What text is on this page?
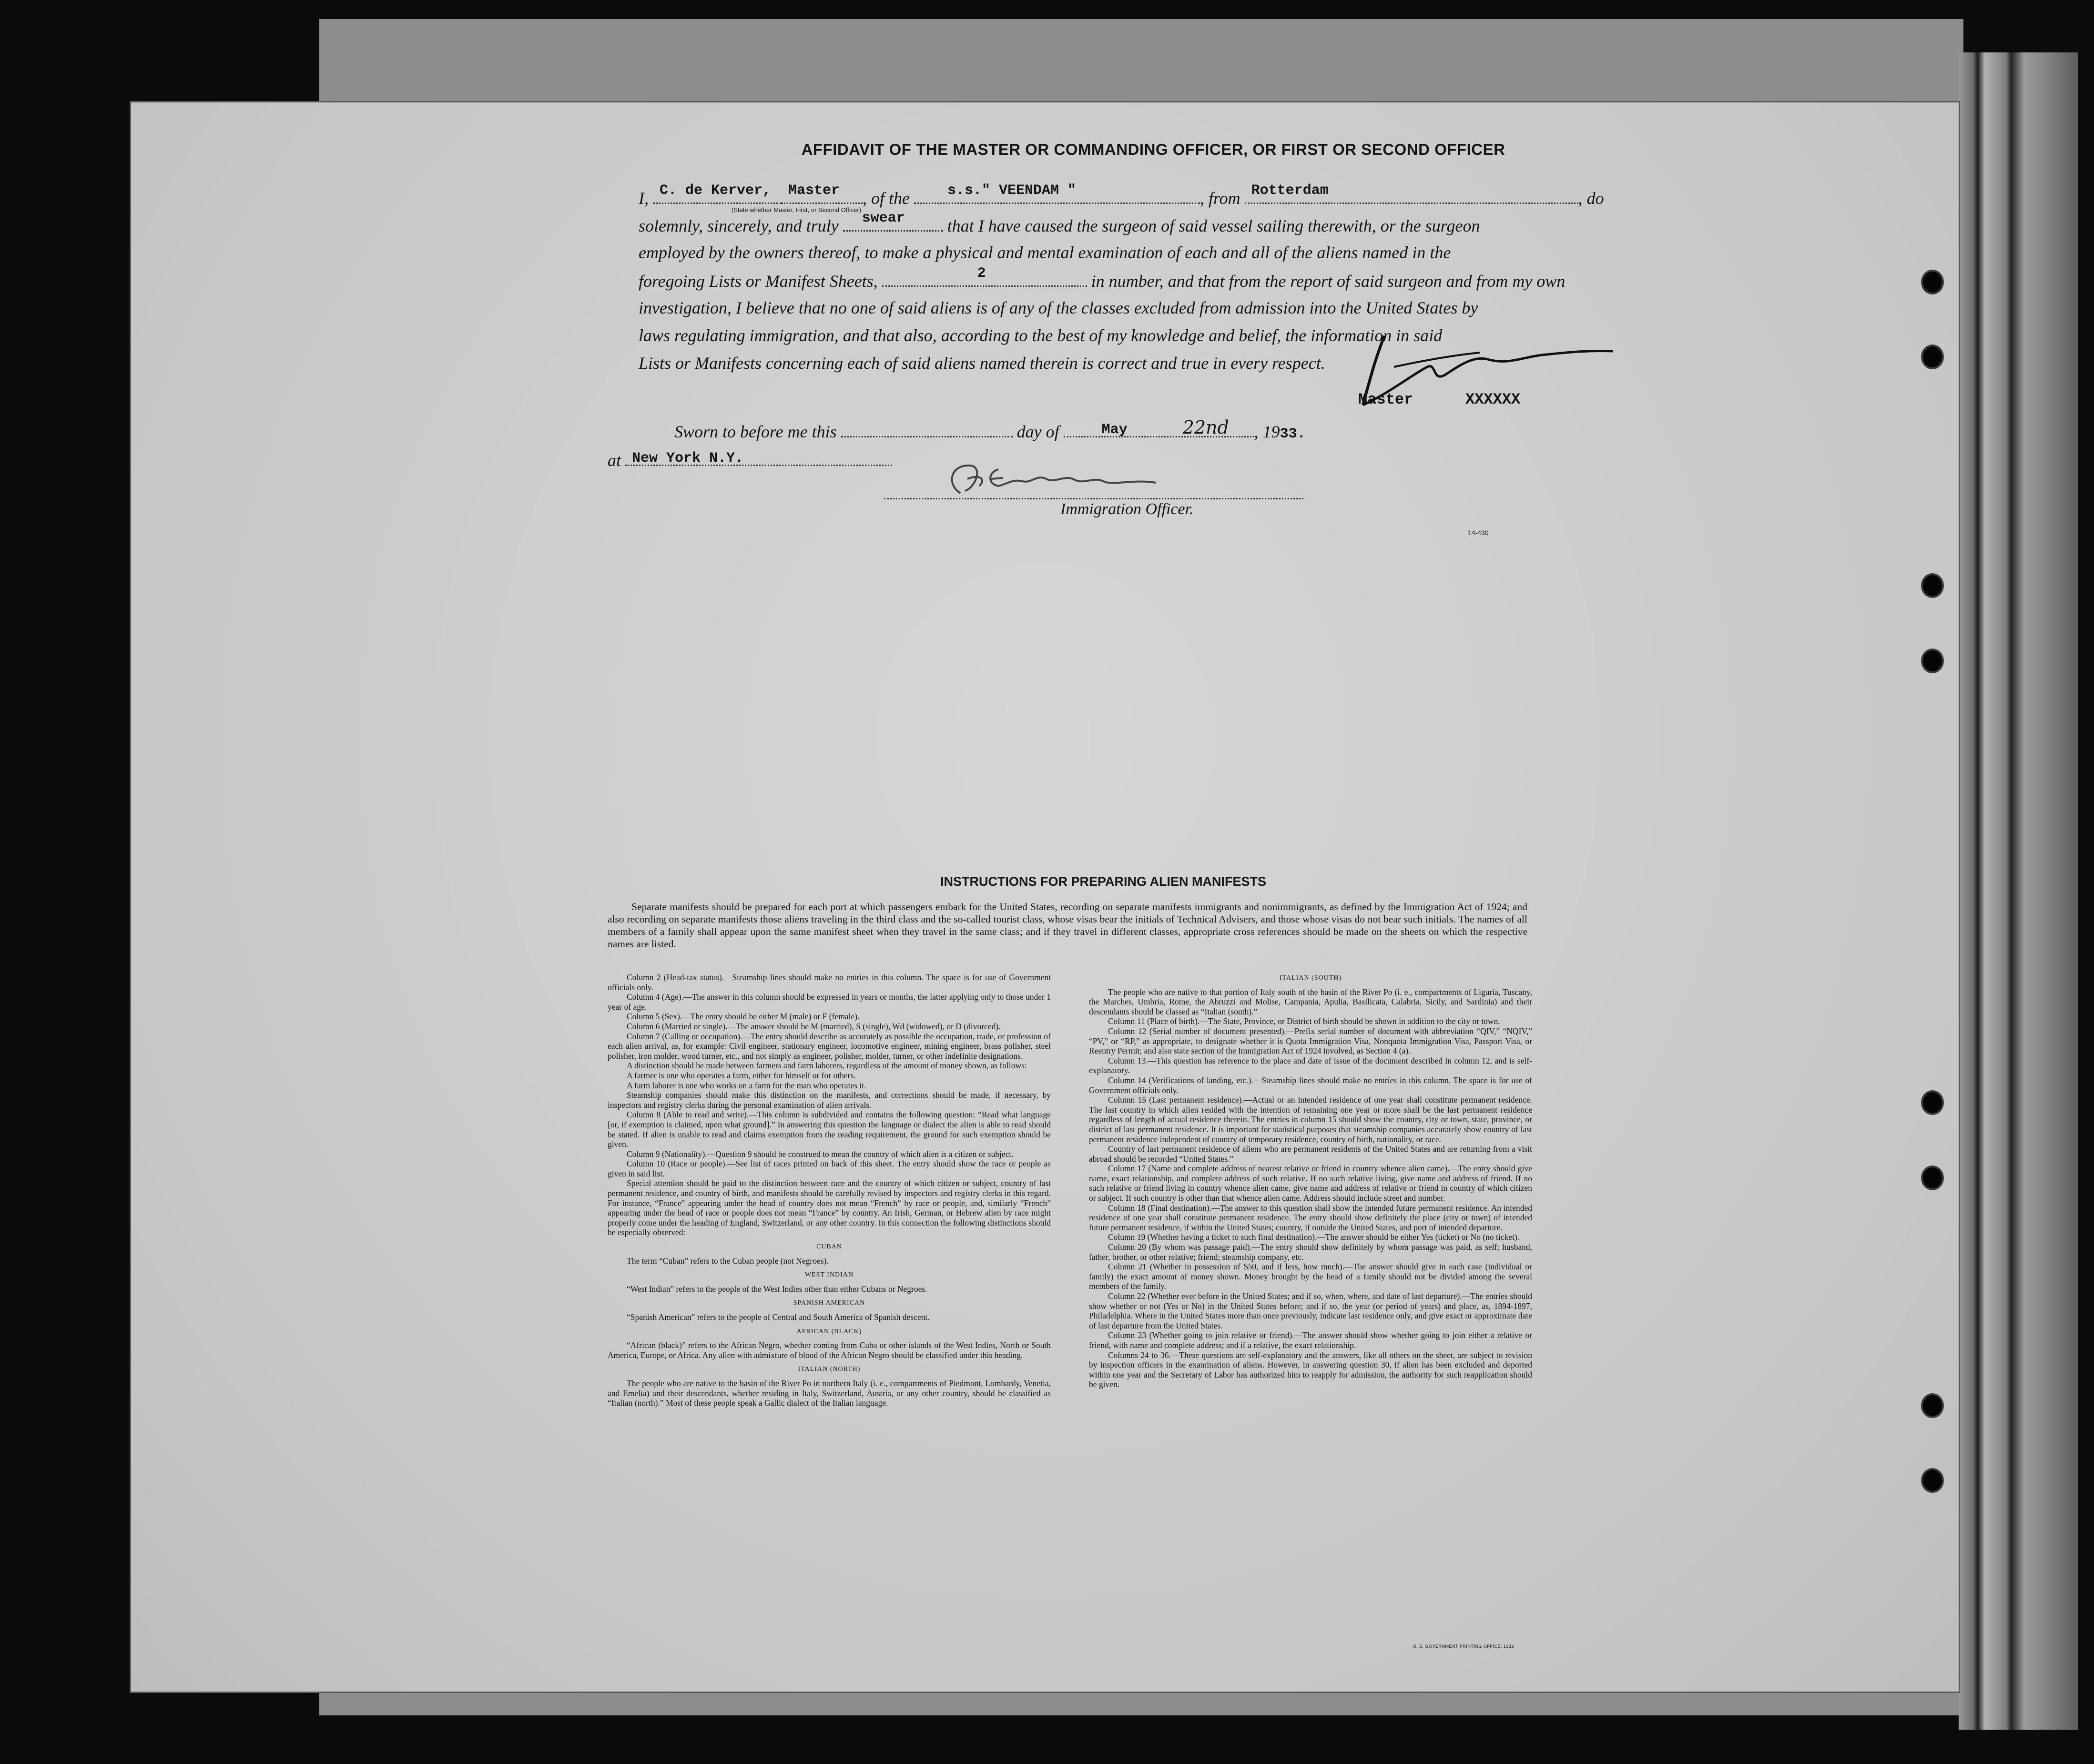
AFFIDAVIT OF THE MASTER OR COMMANDING OFFICER, OR FIRST OR SECOND OFFICER
I, C. de Kerver, Master , of the	s.s." VEENDAM "	, from Rotterdam	, do
solemnly, sincerely, and truly swear that I have caused the surgeon of said vessel sailing therewith, or the surgeon
employed by the owners thereof, to make a physical and mental examination of each and all of the aliens named in the
foregoing Lists or Manifest Sheets,	2	in number, and that from the report of said surgeon and from my own
investigation, I believe that no one of said aliens is of any of the classes excluded from admission into the United States by
laws regulating immigration, and that also, according to the best of my knowledge and belief, the information in said
Lists or Manifests concerning each of said aliens named therein is correct and true in every respect.
(State whether Master, First, or Second Officer)
Master	XXXXXX
Sworn to before me this	day of	May	22nd , 1933.
at New York N.Y.
Immigration Officer.
14-430
INSTRUCTIONS FOR PREPARING ALIEN MANIFESTS
Separate manifests should be prepared for each port at which passengers embark for the United States, recording on separate manifests immigrants and nonimmigrants, as defined by the Immigration Act of 1924; and also recording on separate manifests those aliens traveling in the third class and the so-called tourist class, whose visas bear the initials of Technical Advisers, and those whose visas do not bear such initials. The names of all members of a family shall appear upon the same manifest sheet when they travel in the same class; and if they travel in different classes, appropriate cross references should be made on the sheets on which the respective names are listed.

Column 2 (Head-tax status).—Steamship lines should make no entries in this column. The space is for use of Government officials only.

Column 4 (Age).—The answer in this column should be expressed in years or months, the latter applying only to those under 1 year of age.

Column 5 (Sex).—The entry should be either M (male) or F (female).

Column 6 (Married or single).—The answer should be M (married), S (single), Wd (widowed), or D (divorced).

Column 7 (Calling or occupation).—The entry should describe as accurately as possible the occupation, trade, or profession of each alien arrival, as, for example: Civil engineer, stationary engineer, locomotive engineer, mining engineer, brass polisher, steel polisher, iron molder, wood turner, etc., and not simply as engineer, polisher, molder, turner, or other indefinite designations.

A distinction should be made between farmers and farm laborers, regardless of the amount of money shown, as follows:

A farmer is one who operates a farm, either for himself or for others.

A farm laborer is one who works on a farm for the man who operates it.

Steamship companies should make this distinction on the manifests, and corrections should be made, if necessary, by inspectors and registry clerks during the personal examination of alien arrivals.

Column 8 (Able to read and write).—This column is subdivided and contains the following question: “Read what language [or, if exemption is claimed, upon what ground].” In answering this question the language or dialect the alien is able to read should be stated. If alien is unable to read and claims exemption from the reading requirement, the ground for such exemption should be given.

Column 9 (Nationality).—Question 9 should be construed to mean the country of which alien is a citizen or subject.

Column 10 (Race or people).—See list of races printed on back of this sheet. The entry should show the race or people as given in said list.

Special attention should be paid to the distinction between race and the country of which citizen or subject, country of last permanent residence, and country of birth, and manifests should be carefully revised by inspectors and registry clerks in this regard. For instance, “France” appearing under the head of country does not mean “French” by race or people, and, similarly “French” appearing under the head of race or people does not mean “France” by country. An Irish, German, or Hebrew alien by race might properly come under the heading of England, Switzerland, or any other country. In this connection the following distinctions should be especially observed:

CUBAN

The term “Cuban” refers to the Cuban people (not Negroes).

WEST INDIAN

“West Indian” refers to the people of the West Indies other than either Cubans or Negroes.

SPANISH AMERICAN

“Spanish American” refers to the people of Central and South America of Spanish descent.

AFRICAN (BLACK)

“African (black)” refers to the African Negro, whether coming from Cuba or other islands of the West Indies, North or South America, Europe, or Africa. Any alien with admixture of blood of the African Negro should be classified under this heading.

ITALIAN (NORTH)

The people who are native to the basin of the River Po in northern Italy (i. e., compartments of Piedmont, Lombardy, Venetia, and Emelia) and their descendants, whether residing in Italy, Switzerland, Austria, or any other country, should be classified as “Italian (north).” Most of these people speak a Gallic dialect of the Italian language.

ITALIAN (SOUTH)

The people who are native to that portion of Italy south of the basin of the River Po (i. e., compartments of Liguria, Tuscany, the Marches, Umbria, Rome, the Abruzzi and Molise, Campania, Apulia, Basilicata, Calabria, Sicily, and Sardinia) and their descendants should be classed as “Italian (south).”

Column 11 (Place of birth).—The State, Province, or District of birth should be shown in addition to the city or town.

Column 12 (Serial number of document presented).—Prefix serial number of document with abbreviation “QIV,” “NQIV,” “PV,” or “RP,” as appropriate, to designate whether it is Quota Immigration Visa, Nonquota Immigration Visa, Passport Visa, or Reentry Permit; and also state section of the Immigration Act of 1924 involved, as Section 4 (a).

Column 13.—This question has reference to the place and date of issue of the document described in column 12, and is self-explanatory.

Column 14 (Verifications of landing, etc.).—Steamship lines should make no entries in this column. The space is for use of Government officials only.

Column 15 (Last permanent residence).—Actual or an intended residence of one year shall constitute permanent residence. The last country in which alien resided with the intention of remaining one year or more shall be the last permanent residence regardless of length of actual residence therein. The entries in column 15 should show the country, city or town, state, province, or district of last permanent residence. It is important for statistical purposes that steamship companies accurately show country of last permanent residence independent of country of temporary residence, country of birth, nationality, or race.

Country of last permanent residence of aliens who are permanent residents of the United States and are returning from a visit abroad should be recorded “United States.”

Column 17 (Name and complete address of nearest relative or friend in country whence alien came).—The entry should give name, exact relationship, and complete address of such relative. If no such relative living, give name and address of friend. If no such relative or friend living in country whence alien came, give name and address of relative or friend in country of which citizen or subject. If such country is other than that whence alien came. Address should include street and number.

Column 18 (Final destination).—The answer to this question shall show the intended future permanent residence. An intended residence of one year shall constitute permanent residence. The entry should show definitely the place (city or town) of intended future permanent residence, if within the United States; country, if outside the United States, and port of intended departure.

Column 19 (Whether having a ticket to such final destination).—The answer should be either Yes (ticket) or No (no ticket).

Column 20 (By whom was passage paid).—The entry should show definitely by whom passage was paid, as self; husband, father, brother, or other relative; friend; steamship company, etc.

Column 21 (Whether in possession of $50, and if less, how much).—The answer should give in each case (individual or family) the exact amount of money shown. Money brought by the head of a family should not be divided among the several members of the family.

Column 22 (Whether ever before in the United States; and if so, when, where, and date of last departure).—The entries should show whether or not (Yes or No) in the United States before; and if so, the year (or period of years) and place, as, 1894-1897, Philadelphia. Where in the United States more than once previously, indicate last residence only, and give exact or approximate date of last departure from the United States.

Column 23 (Whether going to join relative or friend).—The answer should show whether going to join either a relative or friend, with name and complete address; and if a relative, the exact relationship.

Columns 24 to 36.—These questions are self-explanatory and the answers, like all others on the sheet, are subject to revision by inspection officers in the examination of aliens. However, in answering question 30, if alien has been excluded and deported within one year and the Secretary of Labor has authorized him to reapply for admission, the authority for such reapplication should be given.

U. S. GOVERNMENT PRINTING OFFICE: 1932
